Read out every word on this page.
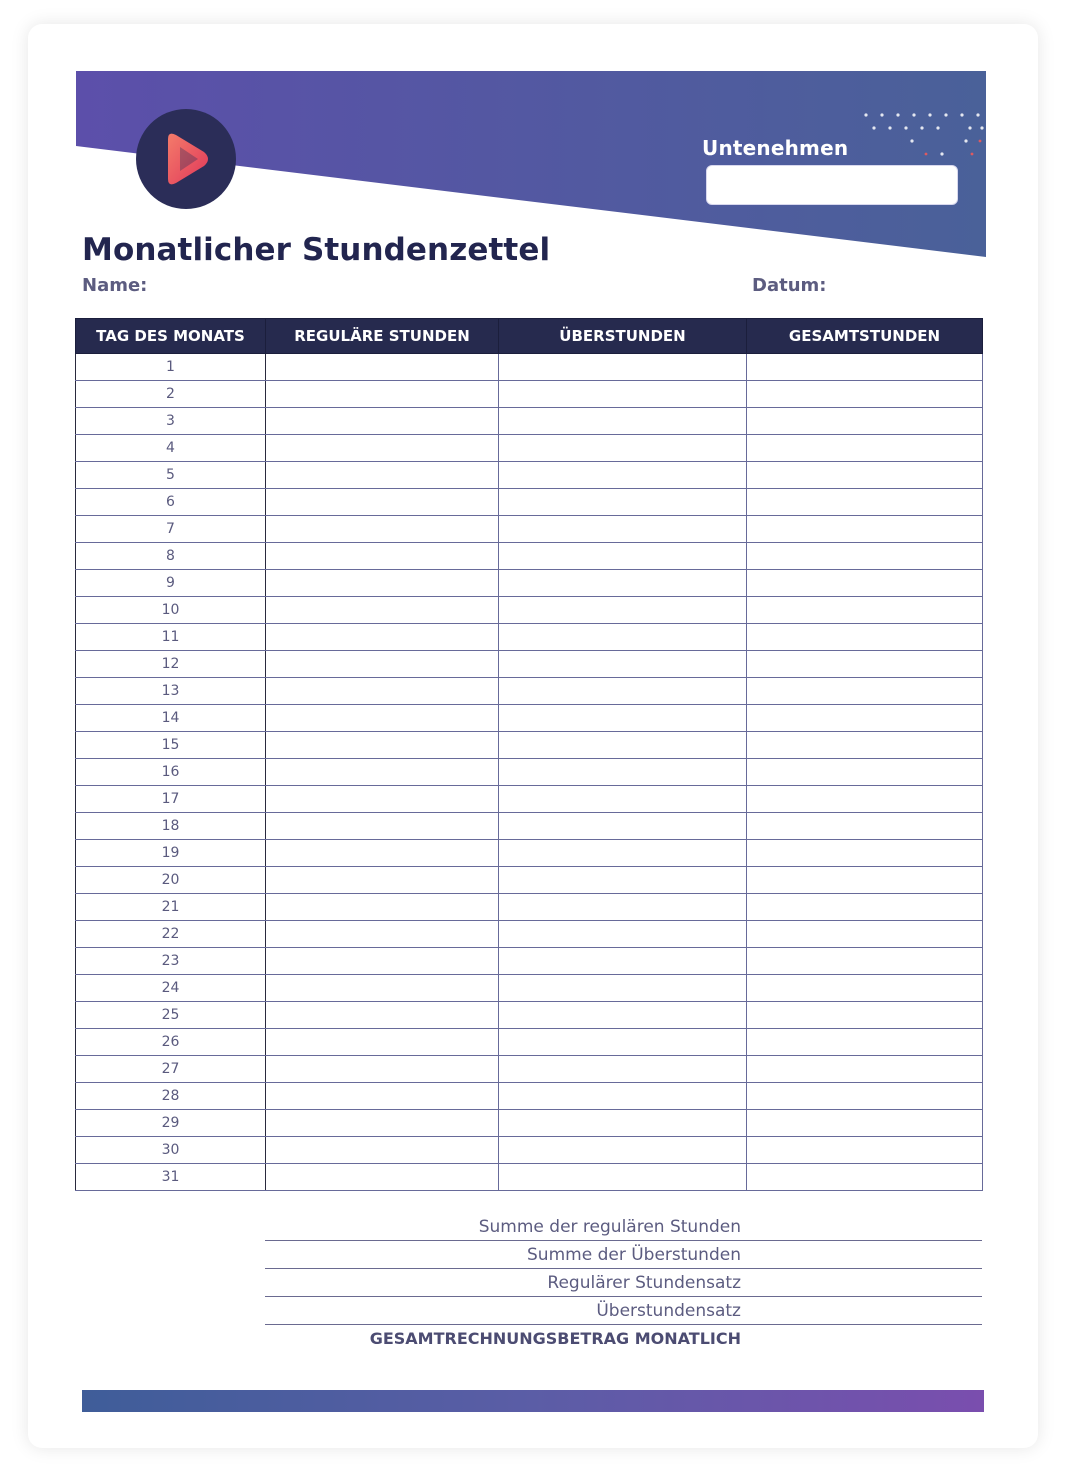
Untenehmen
Monatlicher Stundenzettel
Name:	Datum:
TAG DES MONATS	REGULÄRE STUNDEN	ÜBERSTUNDEN	GESAMTSTUNDEN
1			
2			
3			
4			
5			
6			
7			
8			
9			
10			
11			
12			
13			
14			
15			
16			
17			
18			
19			
20			
21			
22			
23			
24			
25			
26			
27			
28			
29			
30			
31			
Summe der regulären Stunden
Summe der Überstunden
Regulärer Stundensatz
Überstundensatz
GESAMTRECHNUNGSBETRAG MONATLICH
